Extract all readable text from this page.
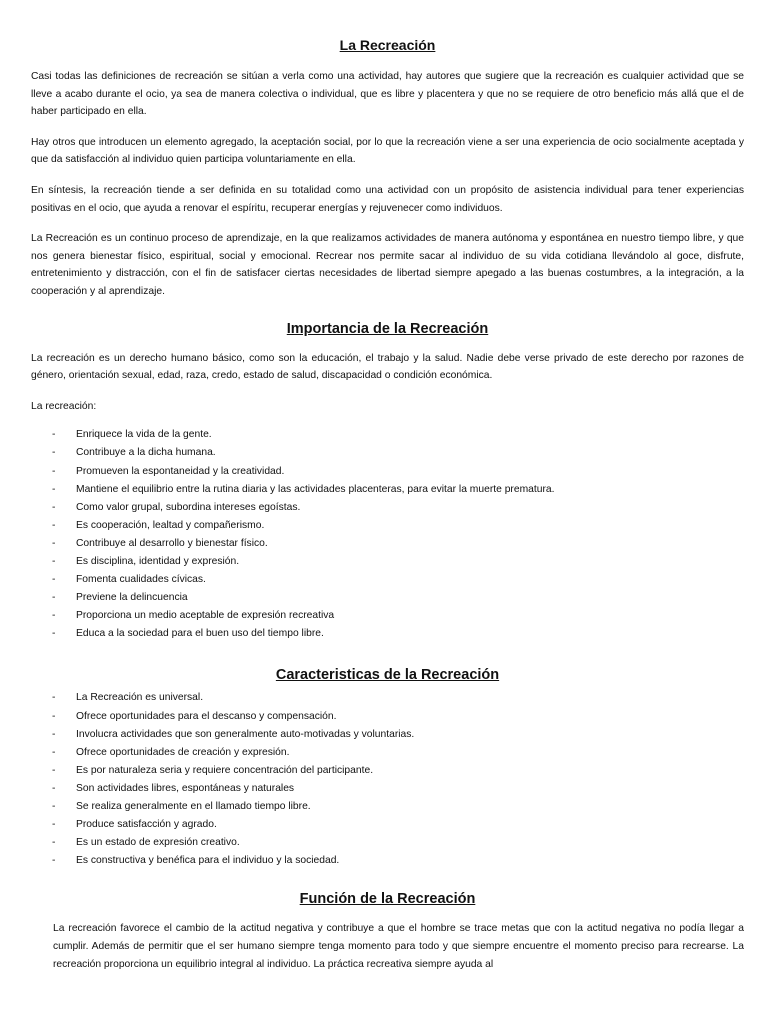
La Recreación

Casi todas las definiciones de recreación se sitúan a verla como una actividad, hay autores que sugiere que la recreación es cualquier actividad que se lleve a acabo durante el ocio, ya sea de manera colectiva o individual, que es libre y placentera y que no se requiere de otro beneficio más allá que el de haber participado en ella.

Hay otros que introducen un elemento agregado, la aceptación social, por lo que la recreación viene a ser una experiencia de ocio socialmente aceptada y que da satisfacción al individuo quien participa voluntariamente en ella.

En síntesis, la recreación tiende a ser definida en su totalidad como una actividad con un propósito de asistencia individual para tener experiencias positivas en el ocio, que ayuda a renovar el espíritu, recuperar energías y rejuvenecer como individuos.

La Recreación es un continuo proceso de aprendizaje, en la que realizamos actividades de manera autónoma y espontánea en nuestro tiempo libre, y que nos genera bienestar físico, espiritual, social y emocional. Recrear nos permite sacar al individuo de su vida cotidiana llevándolo al goce, disfrute, entretenimiento y distracción, con el fin de satisfacer ciertas necesidades de libertad siempre apegado a las buenas costumbres, a la integración, a la cooperación y al aprendizaje.

Importancia de la Recreación

La recreación es un derecho humano básico, como son la educación, el trabajo y la salud. Nadie debe verse privado de este derecho por razones de género, orientación sexual, edad, raza, credo, estado de salud, discapacidad o condición económica.

La recreación:

- Enriquece la vida de la gente.
- Contribuye a la dicha humana.
- Promueven la espontaneidad y la creatividad.
- Mantiene el equilibrio entre la rutina diaria y las actividades placenteras, para evitar la muerte prematura.
- Como valor grupal, subordina intereses egoístas.
- Es cooperación, lealtad y compañerismo.
- Contribuye al desarrollo y bienestar físico.
- Es disciplina, identidad y expresión.
- Fomenta cualidades cívicas.
- Previene la delincuencia
- Proporciona un medio aceptable de expresión recreativa
- Educa a la sociedad para el buen uso del tiempo libre.
Caracteristicas de la Recreación
- La Recreación es universal.
- Ofrece oportunidades para el descanso y compensación.
- Involucra actividades que son generalmente auto-motivadas y voluntarias.
- Ofrece oportunidades de creación y expresión.
- Es por naturaleza seria y requiere concentración del participante.
- Son actividades libres, espontáneas y naturales
- Se realiza generalmente en el llamado tiempo libre.
- Produce satisfacción y agrado.
- Es un estado de expresión creativo.
- Es constructiva y benéfica para el individuo y la sociedad.
Función de la Recreación

La recreación favorece el cambio de la actitud negativa y contribuye a que el hombre se trace metas que con la actitud negativa no podía llegar a cumplir. Además de permitir que el ser humano siempre tenga momento para todo y que siempre encuentre el momento preciso para recrearse. La recreación proporciona un equilibrio integral al individuo. La práctica recreativa siempre ayuda al
